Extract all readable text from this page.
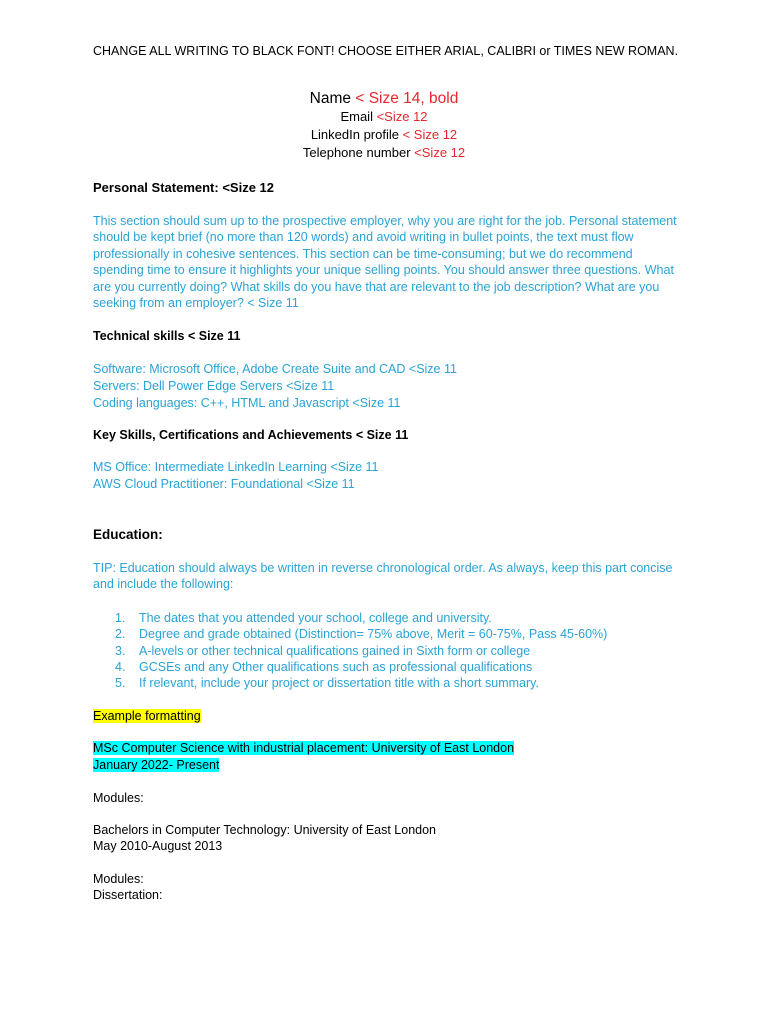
CHANGE ALL WRITING TO BLACK FONT! CHOOSE EITHER ARIAL, CALIBRI or TIMES NEW ROMAN.
Name < Size 14, bold
Email <Size 12
LinkedIn profile < Size 12
Telephone number <Size 12
Personal Statement: <Size 12
This section should sum up to the prospective employer, why you are right for the job. Personal statement should be kept brief (no more than 120 words) and avoid writing in bullet points, the text must flow professionally in cohesive sentences. This section can be time-consuming; but we do recommend spending time to ensure it highlights your unique selling points. You should answer three questions. What are you currently doing? What skills do you have that are relevant to the job description? What are you seeking from an employer? < Size 11
Technical skills < Size 11
Software: Microsoft Office, Adobe Create Suite and CAD <Size 11
Servers: Dell Power Edge Servers <Size 11
Coding languages: C++, HTML and Javascript <Size 11
Key Skills, Certifications and Achievements < Size 11
MS Office: Intermediate LinkedIn Learning <Size 11
AWS Cloud Practitioner: Foundational <Size 11
Education:
TIP: Education should always be written in reverse chronological order. As always, keep this part concise and include the following:
1. The dates that you attended your school, college and university.
2. Degree and grade obtained (Distinction= 75% above, Merit = 60-75%, Pass 45-60%)
3. A-levels or other technical qualifications gained in Sixth form or college
4. GCSEs and any Other qualifications such as professional qualifications
5. If relevant, include your project or dissertation title with a short summary.
Example formatting
MSc Computer Science with industrial placement: University of East London
January 2022- Present
Modules:
Bachelors in Computer Technology: University of East London
May 2010-August 2013
Modules:
Dissertation:
